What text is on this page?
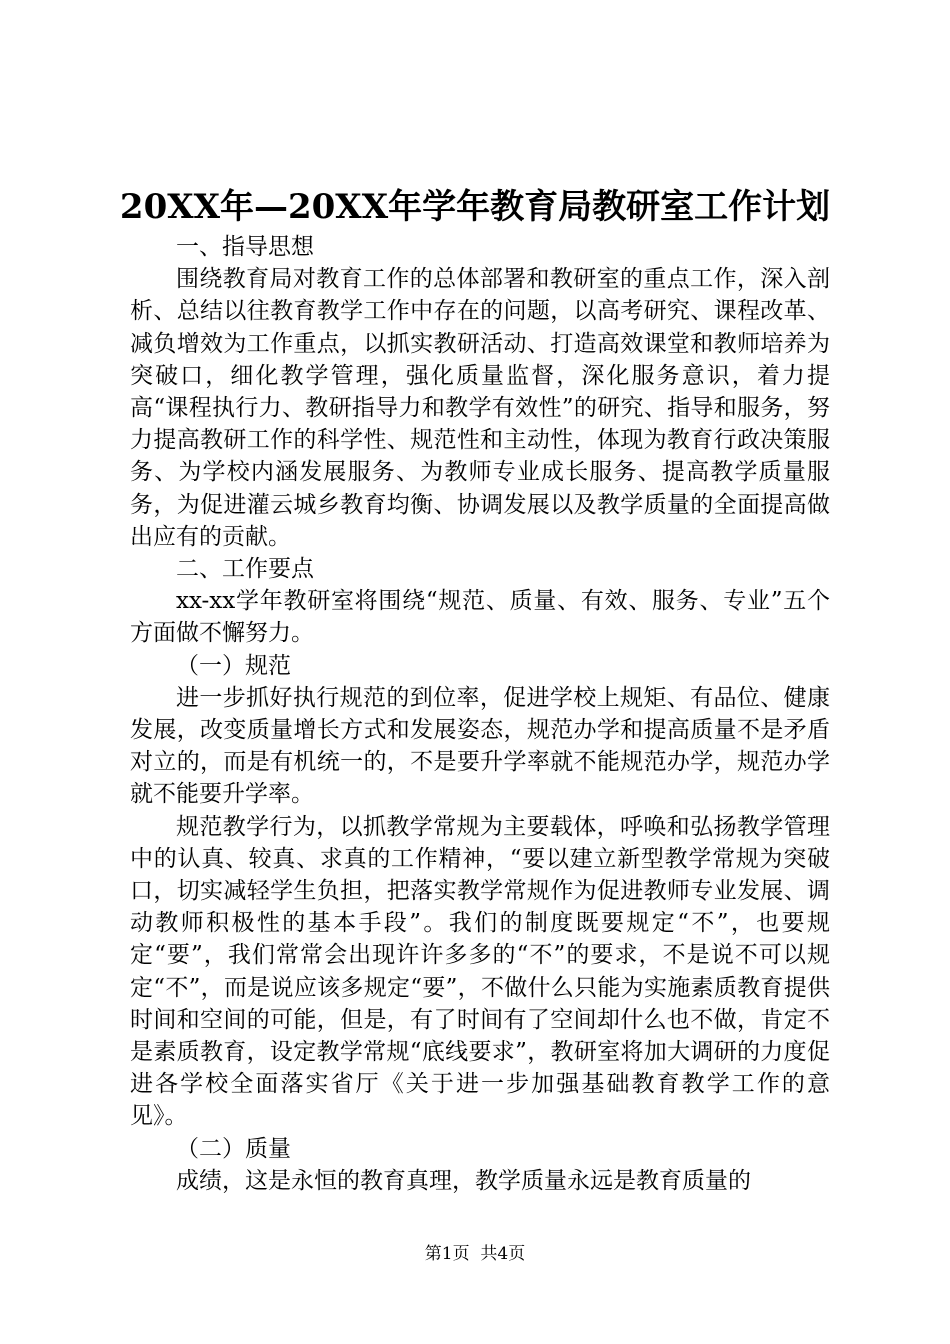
20XX年—20XX年学年教育局教研室工作计划
一、指导思想

围绕教育局对教育工作的总体部署和教研室的重点工作，深入剖析、总结以往教育教学工作中存在的问题，以高考研究、课程改革、减负增效为工作重点，以抓实教研活动、打造高效课堂和教师培养为突破口，细化教学管理，强化质量监督，深化服务意识，着力提高“课程执行力、教研指导力和教学有效性”的研究、指导和服务，努力提高教研工作的科学性、规范性和主动性，体现为教育行政决策服务、为学校内涵发展服务、为教师专业成长服务、提高教学质量服务，为促进灌云城乡教育均衡、协调发展以及教学质量的全面提高做出应有的贡献。

二、工作要点

xx-xx学年教研室将围绕“规范、质量、有效、服务、专业”五个方面做不懈努力。

（一）规范

进一步抓好执行规范的到位率，促进学校上规矩、有品位、健康发展，改变质量增长方式和发展姿态，规范办学和提高质量不是矛盾对立的，而是有机统一的，不是要升学率就不能规范办学，规范办学就不能要升学率。

规范教学行为，以抓教学常规为主要载体，呼唤和弘扬教学管理中的认真、较真、求真的工作精神，“要以建立新型教学常规为突破口，切实减轻学生负担，把落实教学常规作为促进教师专业发展、调动教师积极性的基本手段”。我们的制度既要规定“不”，也要规定“要”，我们常常会出现许许多多的“不”的要求，不是说不可以规定“不”，而是说应该多规定“要”，不做什么只能为实施素质教育提供时间和空间的可能，但是，有了时间有了空间却什么也不做，肯定不是素质教育，设定教学常规“底线要求”，教研室将加大调研的力度促进各学校全面落实省厅《关于进一步加强基础教育教学工作的意见》。

（二）质量

成绩，这是永恒的教育真理，教学质量永远是教育质量的

第1页  共4页
